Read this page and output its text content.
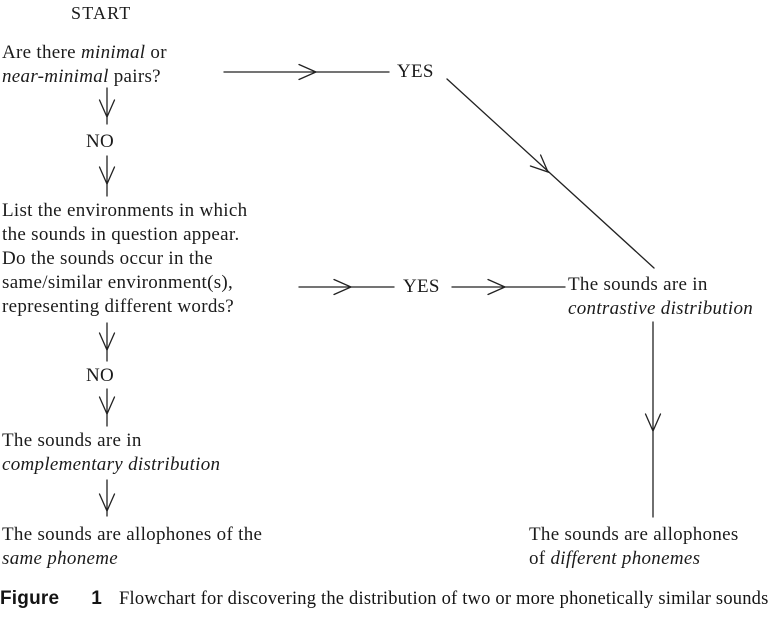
START
Are there minimal or
near-minimal pairs?	YES
NO
List the environments in which
the sounds in question appear.
Do the sounds occur in the
same/similar environment(s),
representing different words?
YES	The sounds are in
contrastive distribution
NO
The sounds are in
complementary distribution
The sounds are allophones of the
same phoneme
The sounds are allophones
of different phonemes
Figure 1 Flowchart for discovering the distribution of two or more phonetically similar sounds
